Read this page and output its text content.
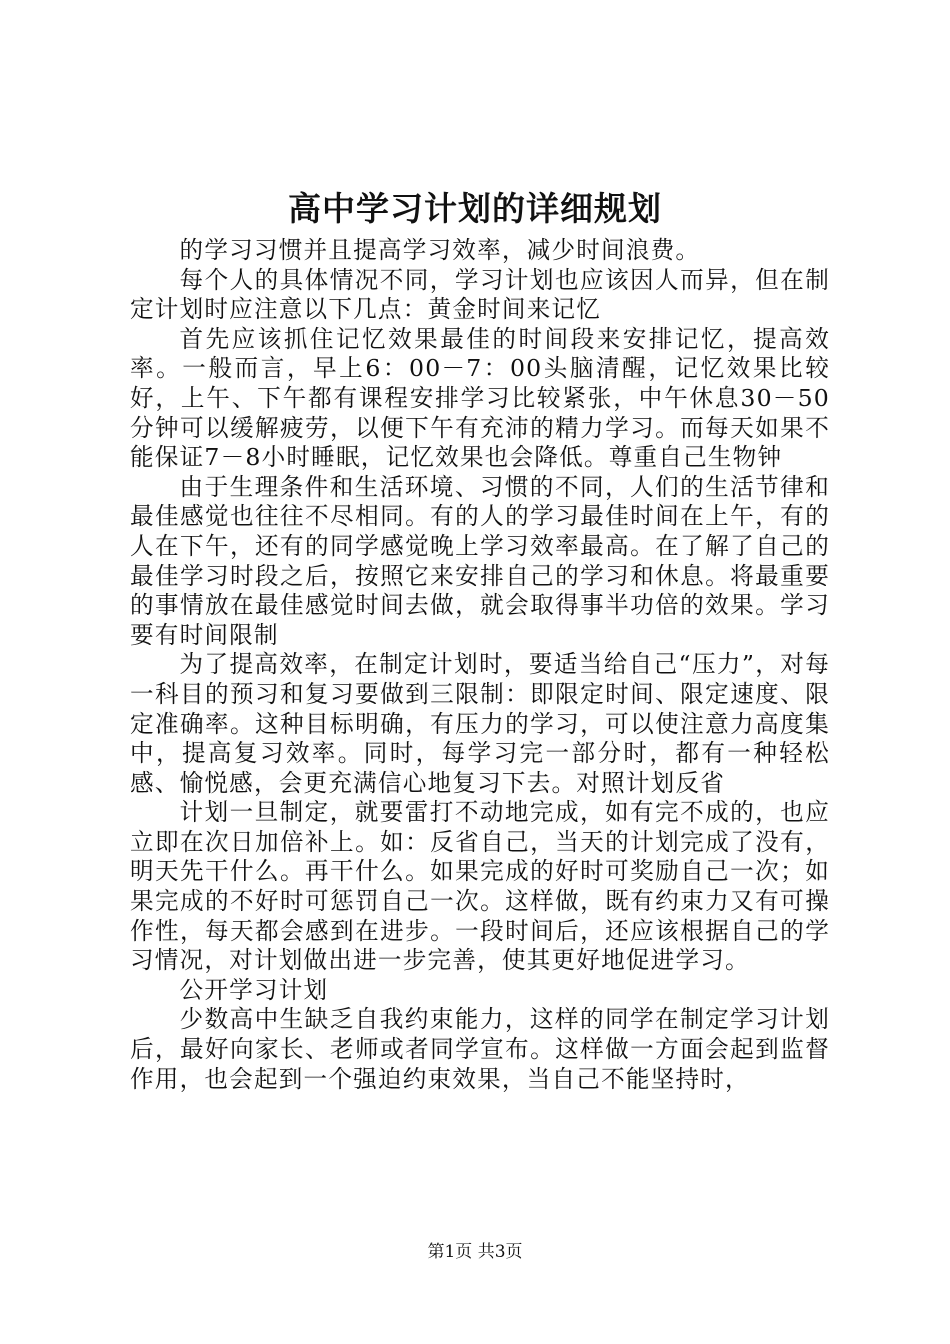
高中学习计划的详细规划

的学习习惯并且提高学习效率，减少时间浪费。

每个人的具体情况不同，学习计划也应该因人而异，但在制定计划时应注意以下几点：黄金时间来记忆

首先应该抓住记忆效果最佳的时间段来安排记忆，提高效率。一般而言，早上6：00－7：00头脑清醒，记忆效果比较好，上午、下午都有课程安排学习比较紧张，中午休息30－50分钟可以缓解疲劳，以便下午有充沛的精力学习。而每天如果不能保证7－8小时睡眠，记忆效果也会降低。尊重自己生物钟

由于生理条件和生活环境、习惯的不同，人们的生活节律和最佳感觉也往往不尽相同。有的人的学习最佳时间在上午，有的人在下午，还有的同学感觉晚上学习效率最高。在了解了自己的最佳学习时段之后，按照它来安排自己的学习和休息。将最重要的事情放在最佳感觉时间去做，就会取得事半功倍的效果。学习要有时间限制

为了提高效率，在制定计划时，要适当给自己“压力”，对每一科目的预习和复习要做到三限制：即限定时间、限定速度、限定准确率。这种目标明确，有压力的学习，可以使注意力高度集中，提高复习效率。同时，每学习完一部分时，都有一种轻松感、愉悦感，会更充满信心地复习下去。对照计划反省

计划一旦制定，就要雷打不动地完成，如有完不成的，也应立即在次日加倍补上。如：反省自己，当天的计划完成了没有，明天先干什么。再干什么。如果完成的好时可奖励自己一次；如果完成的不好时可惩罚自己一次。这样做，既有约束力又有可操作性，每天都会感到在进步。一段时间后，还应该根据自己的学习情况，对计划做出进一步完善，使其更好地促进学习。

公开学习计划

少数高中生缺乏自我约束能力，这样的同学在制定学习计划后，最好向家长、老师或者同学宣布。这样做一方面会起到监督作用，也会起到一个强迫约束效果，当自己不能坚持时，

第1页 共3页
